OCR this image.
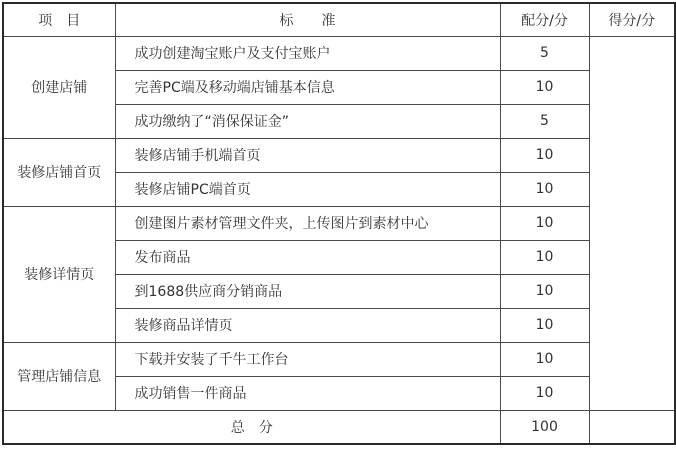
项　目	标　　准	配分/分	得分/分
创建店铺	成功创建淘宝账户及支付宝账户	5	
	完善PC端及移动端店铺基本信息	10	
	成功缴纳了“消保保证金”	5	
装修店铺首页	装修店铺手机端首页	10	
	装修店铺PC端首页	10	
装修详情页	创建图片素材管理文件夹，上传图片到素材中心	10	
	发布商品	10	
	到1688供应商分销商品	10	
	装修商品详情页	10	
管理店铺信息	下载并安装了千牛工作台	10	
	成功销售一件商品	10	
总　分		100	
